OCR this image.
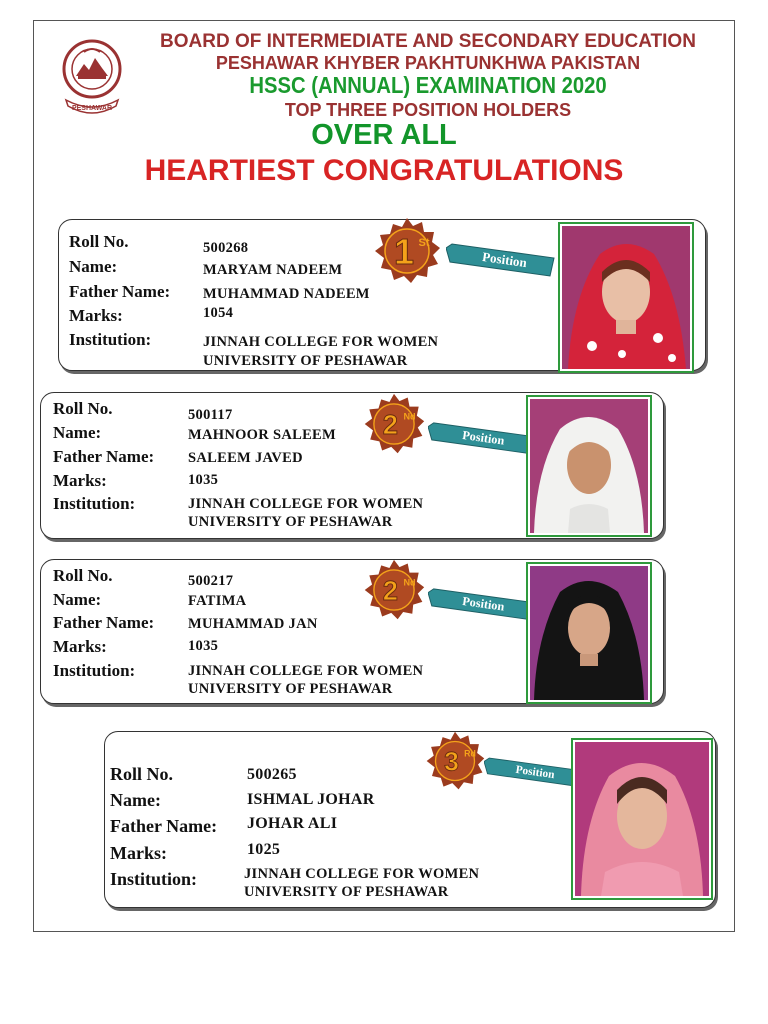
PESHAWAR
BOARD OF INTERMEDIATE AND SECONDARY EDUCATION
PESHAWAR KHYBER PAKHTUNKHWA PAKISTAN
HSSC (ANNUAL) EXAMINATION 2020
TOP THREE POSITION HOLDERS
OVER ALL
HEARTIEST CONGRATULATIONS
Roll No.
Name:
Father Name:
Marks:
Institution:
500268
MARYAM NADEEM
MUHAMMAD NADEEM
1054
JINNAH COLLEGE FOR WOMEN
UNIVERSITY OF PESHAWAR
1 St
Position
Roll No.
Name:
Father Name:
Marks:
Institution:
500117
MAHNOOR SALEEM
SALEEM JAVED
1035
JINNAH COLLEGE FOR WOMEN
UNIVERSITY OF PESHAWAR
2 Nd
Position
Roll No.
Name:
Father Name:
Marks:
Institution:
500217
FATIMA
MUHAMMAD JAN
1035
JINNAH COLLEGE FOR WOMEN
UNIVERSITY OF PESHAWAR
2 Nd
Position
Roll No.
Name:
Father Name:
Marks:
Institution:
500265
ISHMAL JOHAR
JOHAR ALI
1025
JINNAH COLLEGE FOR WOMEN
UNIVERSITY OF PESHAWAR
3 Rd
Position
